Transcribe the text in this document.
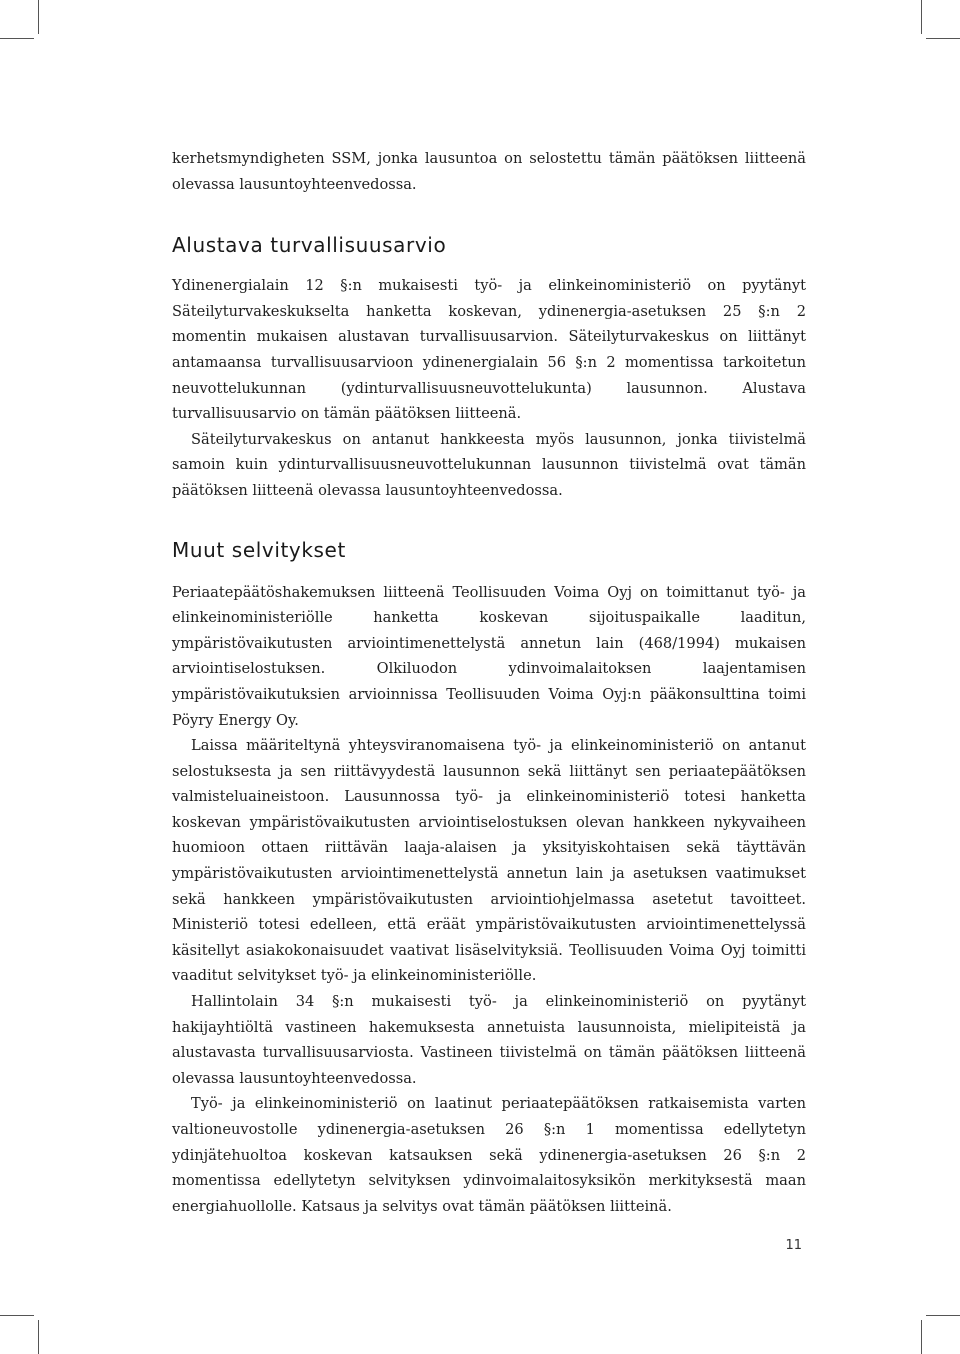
kerhetsmyndigheten SSM, jonka lausuntoa on selostettu tämän päätöksen liitteenä olevassa lausuntoyhteenvedossa.

Alustava turvallisuusarvio

Ydinenergialain 12 §:n mukaisesti työ- ja elinkeinoministeriö on pyytänyt Säteilyturvakeskukselta hanketta koskevan, ydinenergia-asetuksen 25 §:n 2 momentin mukaisen alustavan turvallisuusarvion. Säteilyturvakeskus on liittänyt antamaansa turvallisuusarvioon ydinenergialain 56 §:n 2 momentissa tarkoitetun neuvottelukunnan (ydinturvallisuusneuvottelukunta) lausunnon. Alustava turvallisuusarvio on tämän päätöksen liitteenä.

Säteilyturvakeskus on antanut hankkeesta myös lausunnon, jonka tiivistelmä samoin kuin ydinturvallisuusneuvottelukunnan lausunnon tiivistelmä ovat tämän päätöksen liitteenä olevassa lausuntoyhteenvedossa.

Muut selvitykset

Periaatepäätöshakemuksen liitteenä Teollisuuden Voima Oyj on toimittanut työ- ja elinkeinoministeriölle hanketta koskevan sijoituspaikalle laaditun, ympäristövaikutusten arviointimenettelystä annetun lain (468/1994) mukaisen arviointiselostuksen. Olkiluodon ydinvoimalaitoksen laajentamisen ympäristövaikutuksien arvioinnissa Teollisuuden Voima Oyj:n pääkonsulttina toimi Pöyry Energy Oy.

Laissa määriteltynä yhteysviranomaisena työ- ja elinkeinoministeriö on antanut selostuksesta ja sen riittävyydestä lausunnon sekä liittänyt sen periaatepäätöksen valmisteluaineistoon. Lausunnossa työ- ja elinkeinoministeriö totesi hanketta koskevan ympäristövaikutusten arviointiselostuksen olevan hankkeen nykyvaiheen huomioon ottaen riittävän laaja-alaisen ja yksityiskohtaisen sekä täyttävän ympäristövaikutusten arviointimenettelystä annetun lain ja asetuksen vaatimukset sekä hankkeen ympäristövaikutusten arviointiohjelmassa asetetut tavoitteet. Ministeriö totesi edelleen, että eräät ympäristövaikutusten arviointimenettelyssä käsitellyt asiakokonaisuudet vaativat lisäselvityksiä. Teollisuuden Voima Oyj toimitti vaaditut selvitykset työ- ja elinkeinoministeriölle.

Hallintolain 34 §:n mukaisesti työ- ja elinkeinoministeriö on pyytänyt hakijayhtiöltä vastineen hakemuksesta annetuista lausunnoista, mielipiteistä ja alustavasta turvallisuusarviosta. Vastineen tiivistelmä on tämän päätöksen liitteenä olevassa lausuntoyhteenvedossa.

Työ- ja elinkeinoministeriö on laatinut periaatepäätöksen ratkaisemista varten valtioneuvostolle ydinenergia-asetuksen 26 §:n 1 momentissa edellytetyn ydinjätehuoltoa koskevan katsauksen sekä ydinenergia-asetuksen 26 §:n 2 momentissa edellytetyn selvityksen ydinvoimalaitosyksikön merkityksestä maan energiahuollolle. Katsaus ja selvitys ovat tämän päätöksen liitteinä.

11
